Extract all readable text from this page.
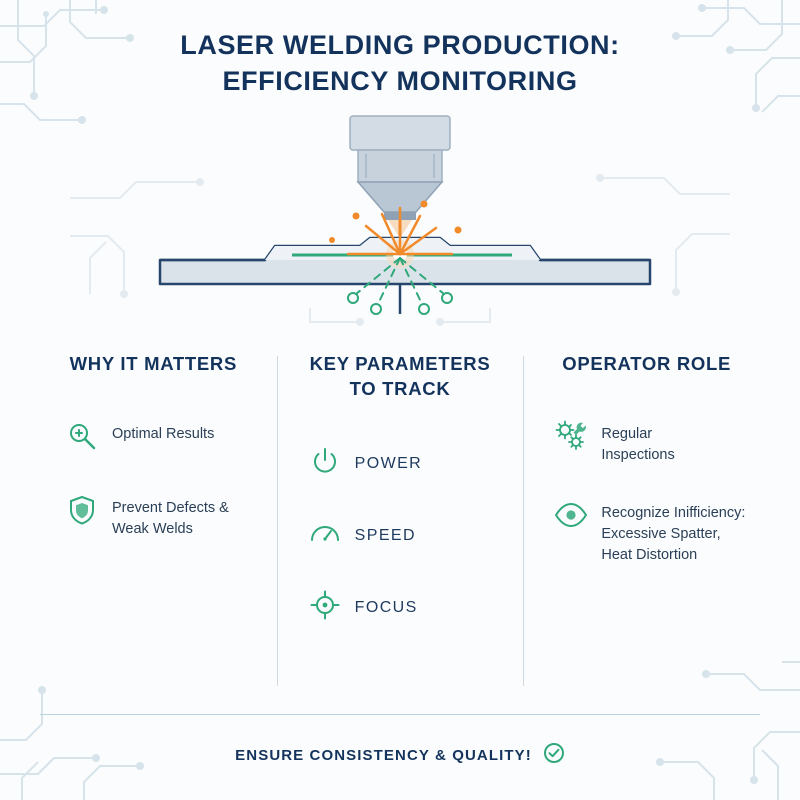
LASER WELDING PRODUCTION:
EFFICIENCY MONITORING
WHY IT MATTERS
Optimal Results
Prevent Defects &
Weak Welds
KEY PARAMETERS
TO TRACK
POWER
SPEED
FOCUS
OPERATOR ROLE
Regular
Inspections
Recognize Inifficiency:
Excessive Spatter,
Heat Distortion
ENSURE CONSISTENCY & QUALITY!
